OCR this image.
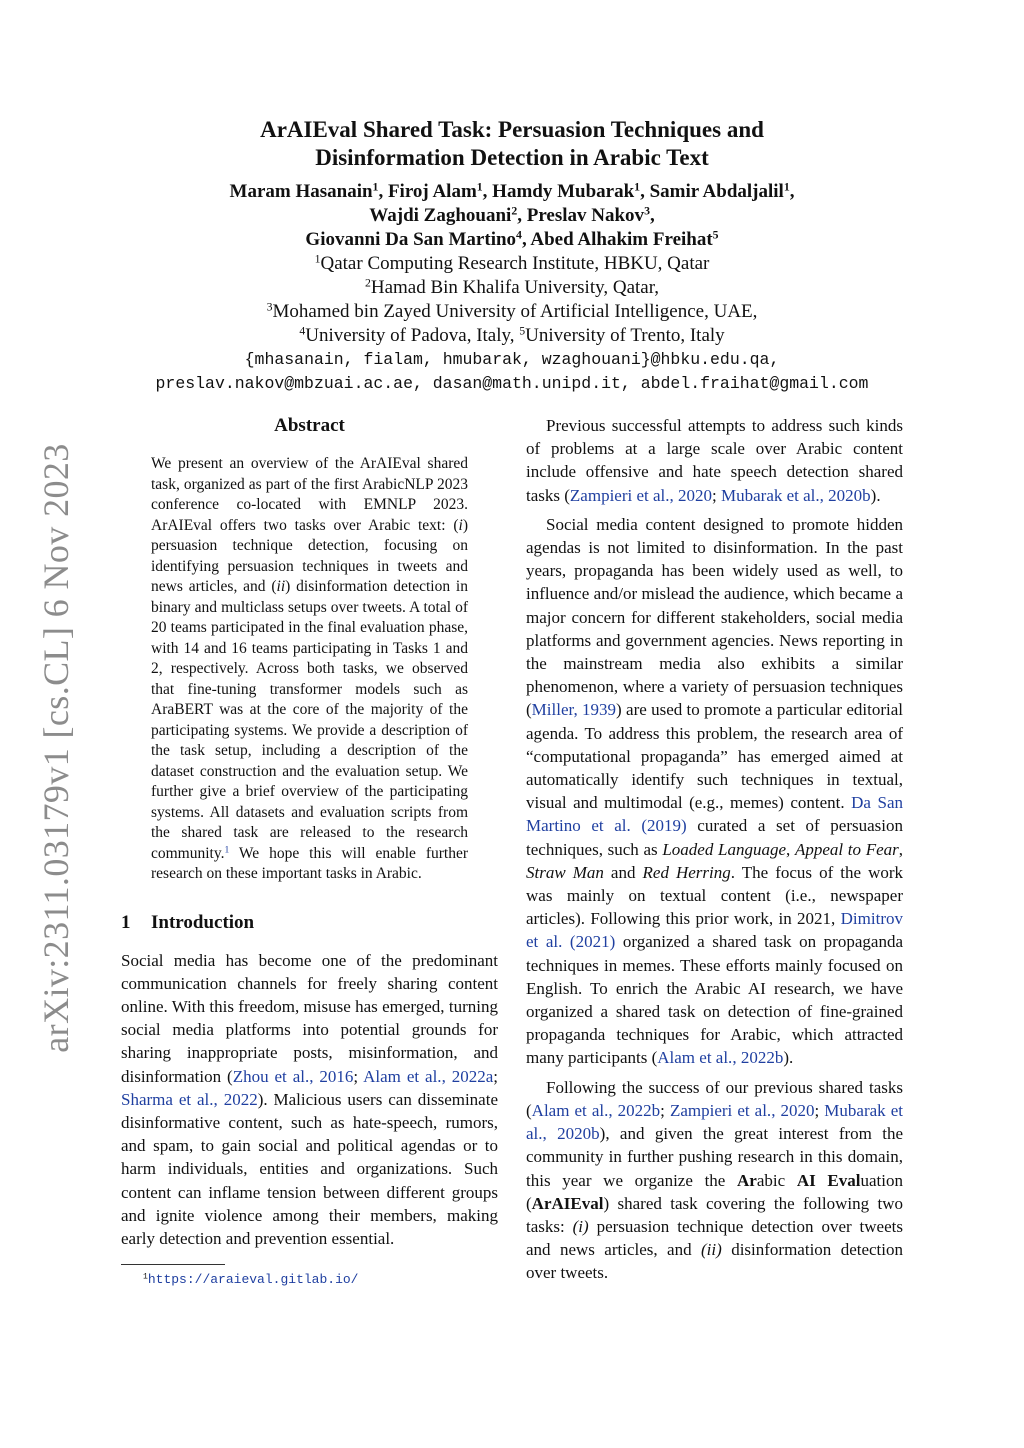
arXiv:2311.03179v1 [cs.CL] 6 Nov 2023
ArAIEval Shared Task: Persuasion Techniques and
Disinformation Detection in Arabic Text
Maram Hasanain$^1$, Firoj Alam$^1$, Hamdy Mubarak$^1$, Samir Abdaljalil$^1$,
Wajdi Zaghouani$^2$, Preslav Nakov$^3$,
Giovanni Da San Martino$^4$, Abed Alhakim Freihat$^5$
$^1$Qatar Computing Research Institute, HBKU, Qatar
$^2$Hamad Bin Khalifa University, Qatar,
$^3$Mohamed bin Zayed University of Artificial Intelligence, UAE,
$^4$University of Padova, Italy, $^5$University of Trento, Italy
{mhasanain, fialam, hmubarak, wzaghouani}@hbku.edu.qa,
preslav.nakov@mbzuai.ac.ae, dasan@math.unipd.it, abdel.fraihat@gmail.com
Abstract

We present an overview of the ArAIEval shared task, organized as part of the first ArabicNLP 2023 conference co-located with EMNLP 2023. ArAIEval offers two tasks over Arabic text: (i) persuasion technique detection, focusing on identifying persuasion techniques in tweets and news articles, and (ii) disinformation detection in binary and multiclass setups over tweets. A total of 20 teams participated in the final evaluation phase, with 14 and 16 teams participating in Tasks 1 and 2, respectively. Across both tasks, we observed that fine-tuning transformer models such as AraBERT was at the core of the majority of the participating systems. We provide a description of the task setup, including a description of the dataset construction and the evaluation setup. We further give a brief overview of the participating systems. All datasets and evaluation scripts from the shared task are released to the research community.$^1$ We hope this will enable further research on these important tasks in Arabic.

1 Introduction

Social media has become one of the predominant communication channels for freely sharing content online. With this freedom, misuse has emerged, turning social media platforms into potential grounds for sharing inappropriate posts, misinformation, and disinformation (Zhou et al., 2016; Alam et al., 2022a; Sharma et al., 2022). Malicious users can disseminate disinformative content, such as hate-speech, rumors, and spam, to gain social and political agendas or to harm individuals, entities and organizations. Such content can inflame tension between different groups and ignite violence among their members, making early detection and prevention essential.

$^1$https://araieval.gitlab.io/

Previous successful attempts to address such kinds of problems at a large scale over Arabic content include offensive and hate speech detection shared tasks (Zampieri et al., 2020; Mubarak et al., 2020b).

Social media content designed to promote hidden agendas is not limited to disinformation. In the past years, propaganda has been widely used as well, to influence and/or mislead the audience, which became a major concern for different stakeholders, social media platforms and government agencies. News reporting in the mainstream media also exhibits a similar phenomenon, where a variety of persuasion techniques (Miller, 1939) are used to promote a particular editorial agenda. To address this problem, the research area of “computational propaganda” has emerged aimed at automatically identify such techniques in textual, visual and multimodal (e.g., memes) content. Da San Martino et al. (2019) curated a set of persuasion techniques, such as Loaded Language, Appeal to Fear, Straw Man and Red Herring. The focus of the work was mainly on textual content (i.e., newspaper articles). Following this prior work, in 2021, Dimitrov et al. (2021) organized a shared task on propaganda techniques in memes. These efforts mainly focused on English. To enrich the Arabic AI research, we have organized a shared task on detection of fine-grained propaganda techniques for Arabic, which attracted many participants (Alam et al., 2022b).

Following the success of our previous shared tasks (Alam et al., 2022b; Zampieri et al., 2020; Mubarak et al., 2020b), and given the great interest from the community in further pushing research in this domain, this year we organize the Arabic AI Evaluation (ArAIEval) shared task covering the following two tasks: (i) persuasion technique detection over tweets and news articles, and (ii) disinformation detection over tweets.
